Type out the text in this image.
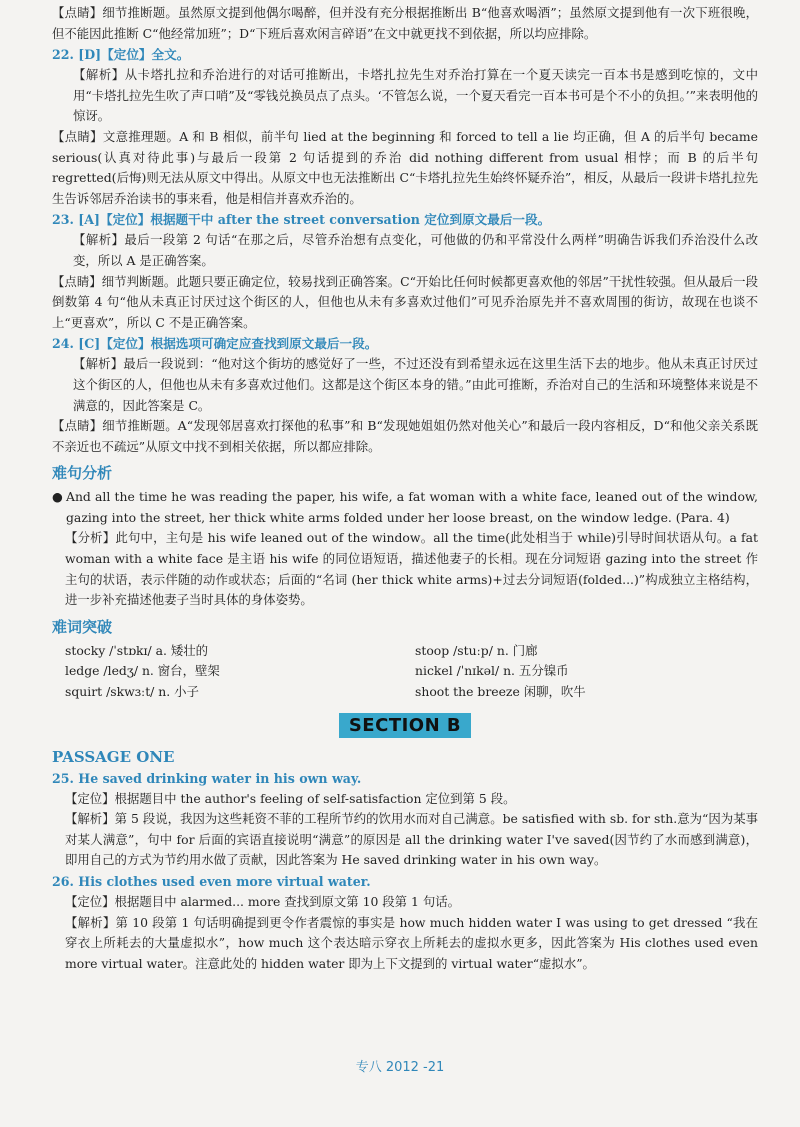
【点睛】细节推断题。虽然原文提到他偶尔喝醉，但并没有充分根据推断出 B“他喜欢喝酒”；虽然原文提到他有一次下班很晚，但不能因此推断 C“他经常加班”；D“下班后喜欢闲言碎语”在文中就更找不到依据，所以均应排除。

22. [D]【定位】全文。

【解析】从卡塔扎拉和乔治进行的对话可推断出，卡塔扎拉先生对乔治打算在一个夏天读完一百本书是感到吃惊的，文中用“卡塔扎拉先生吹了声口哨”及“零钱兑换员点了点头。‘不管怎么说，一个夏天看完一百本书可是个不小的负担。’”来表明他的惊讶。

【点睛】文意推理题。A 和 B 相似，前半句 lied at the beginning 和 forced to tell a lie 均正确，但 A 的后半句 became serious(认真对待此事)与最后一段第 2 句话提到的乔治 did nothing different from usual 相悖；而 B 的后半句 regretted(后悔)则无法从原文中得出。从原文中也无法推断出 C“卡塔扎拉先生始终怀疑乔治”，相反，从最后一段讲卡塔扎拉先生告诉邻居乔治读书的事来看，他是相信并喜欢乔治的。

23. [A]【定位】根据题干中 after the street conversation 定位到原文最后一段。

【解析】最后一段第 2 句话“在那之后，尽管乔治想有点变化，可他做的仍和平常没什么两样”明确告诉我们乔治没什么改变，所以 A 是正确答案。

【点睛】细节判断题。此题只要正确定位，较易找到正确答案。C“开始比任何时候都更喜欢他的邻居”干扰性较强。但从最后一段倒数第 4 句“他从未真正讨厌过这个街区的人，但他也从未有多喜欢过他们”可见乔治原先并不喜欢周围的街访，故现在也谈不上“更喜欢”，所以 C 不是正确答案。

24. [C]【定位】根据选项可确定应查找到原文最后一段。

【解析】最后一段说到：“他对这个街坊的感觉好了一些，不过还没有到希望永远在这里生活下去的地步。他从未真正讨厌过这个街区的人，但他也从未有多喜欢过他们。这都是这个街区本身的错。”由此可推断，乔治对自己的生活和环境整体来说是不满意的，因此答案是 C。

【点睛】细节推断题。A“发现邻居喜欢打探他的私事”和 B“发现她姐姐仍然对他关心”和最后一段内容相反，D“和他父亲关系既不亲近也不疏远”从原文中找不到相关依据，所以都应排除。

难句分析

● And all the time he was reading the paper, his wife, a fat woman with a white face, leaned out of the window, gazing into the street, her thick white arms folded under her loose breast, on the window ledge. (Para. 4)

【分析】此句中，主句是 his wife leaned out of the window。all the time(此处相当于 while)引导时间状语从句。a fat woman with a white face 是主语 his wife 的同位语短语，描述他妻子的长相。现在分词短语 gazing into the street 作主句的状语，表示伴随的动作或状态；后面的“名词 (her thick white arms)+过去分词短语(folded...)”构成独立主格结构，进一步补充描述他妻子当时具体的身体姿势。

难词突破

stocky /ˈstɒkɪ/ a. 矮壮的	stoop /stuːp/ n. 门廊
ledge /ledʒ/ n. 窗台，壁架	nickel /ˈnɪkəl/ n. 五分镍币
squirt /skwɜːt/ n. 小子	shoot the breeze 闲聊，吹牛
SECTION B

PASSAGE ONE

25. He saved drinking water in his own way.

【定位】根据题目中 the author's feeling of self-satisfaction 定位到第 5 段。

【解析】第 5 段说，我因为这些耗资不菲的工程所节约的饮用水而对自己满意。be satisfied with sb. for sth.意为“因为某事对某人满意”，句中 for 后面的宾语直接说明“满意”的原因是 all the drinking water I've saved(因节约了水而感到满意)，即用自己的方式为节约用水做了贡献，因此答案为 He saved drinking water in his own way。

26. His clothes used even more virtual water.

【定位】根据题目中 alarmed... more 查找到原文第 10 段第 1 句话。

【解析】第 10 段第 1 句话明确提到更令作者震惊的事实是 how much hidden water I was using to get dressed “我在穿衣上所耗去的大量虚拟水”，how much 这个表达暗示穿衣上所耗去的虚拟水更多，因此答案为 His clothes used even more virtual water。注意此处的 hidden water 即为上下文提到的 virtual water“虚拟水”。

专八 2012 -21
